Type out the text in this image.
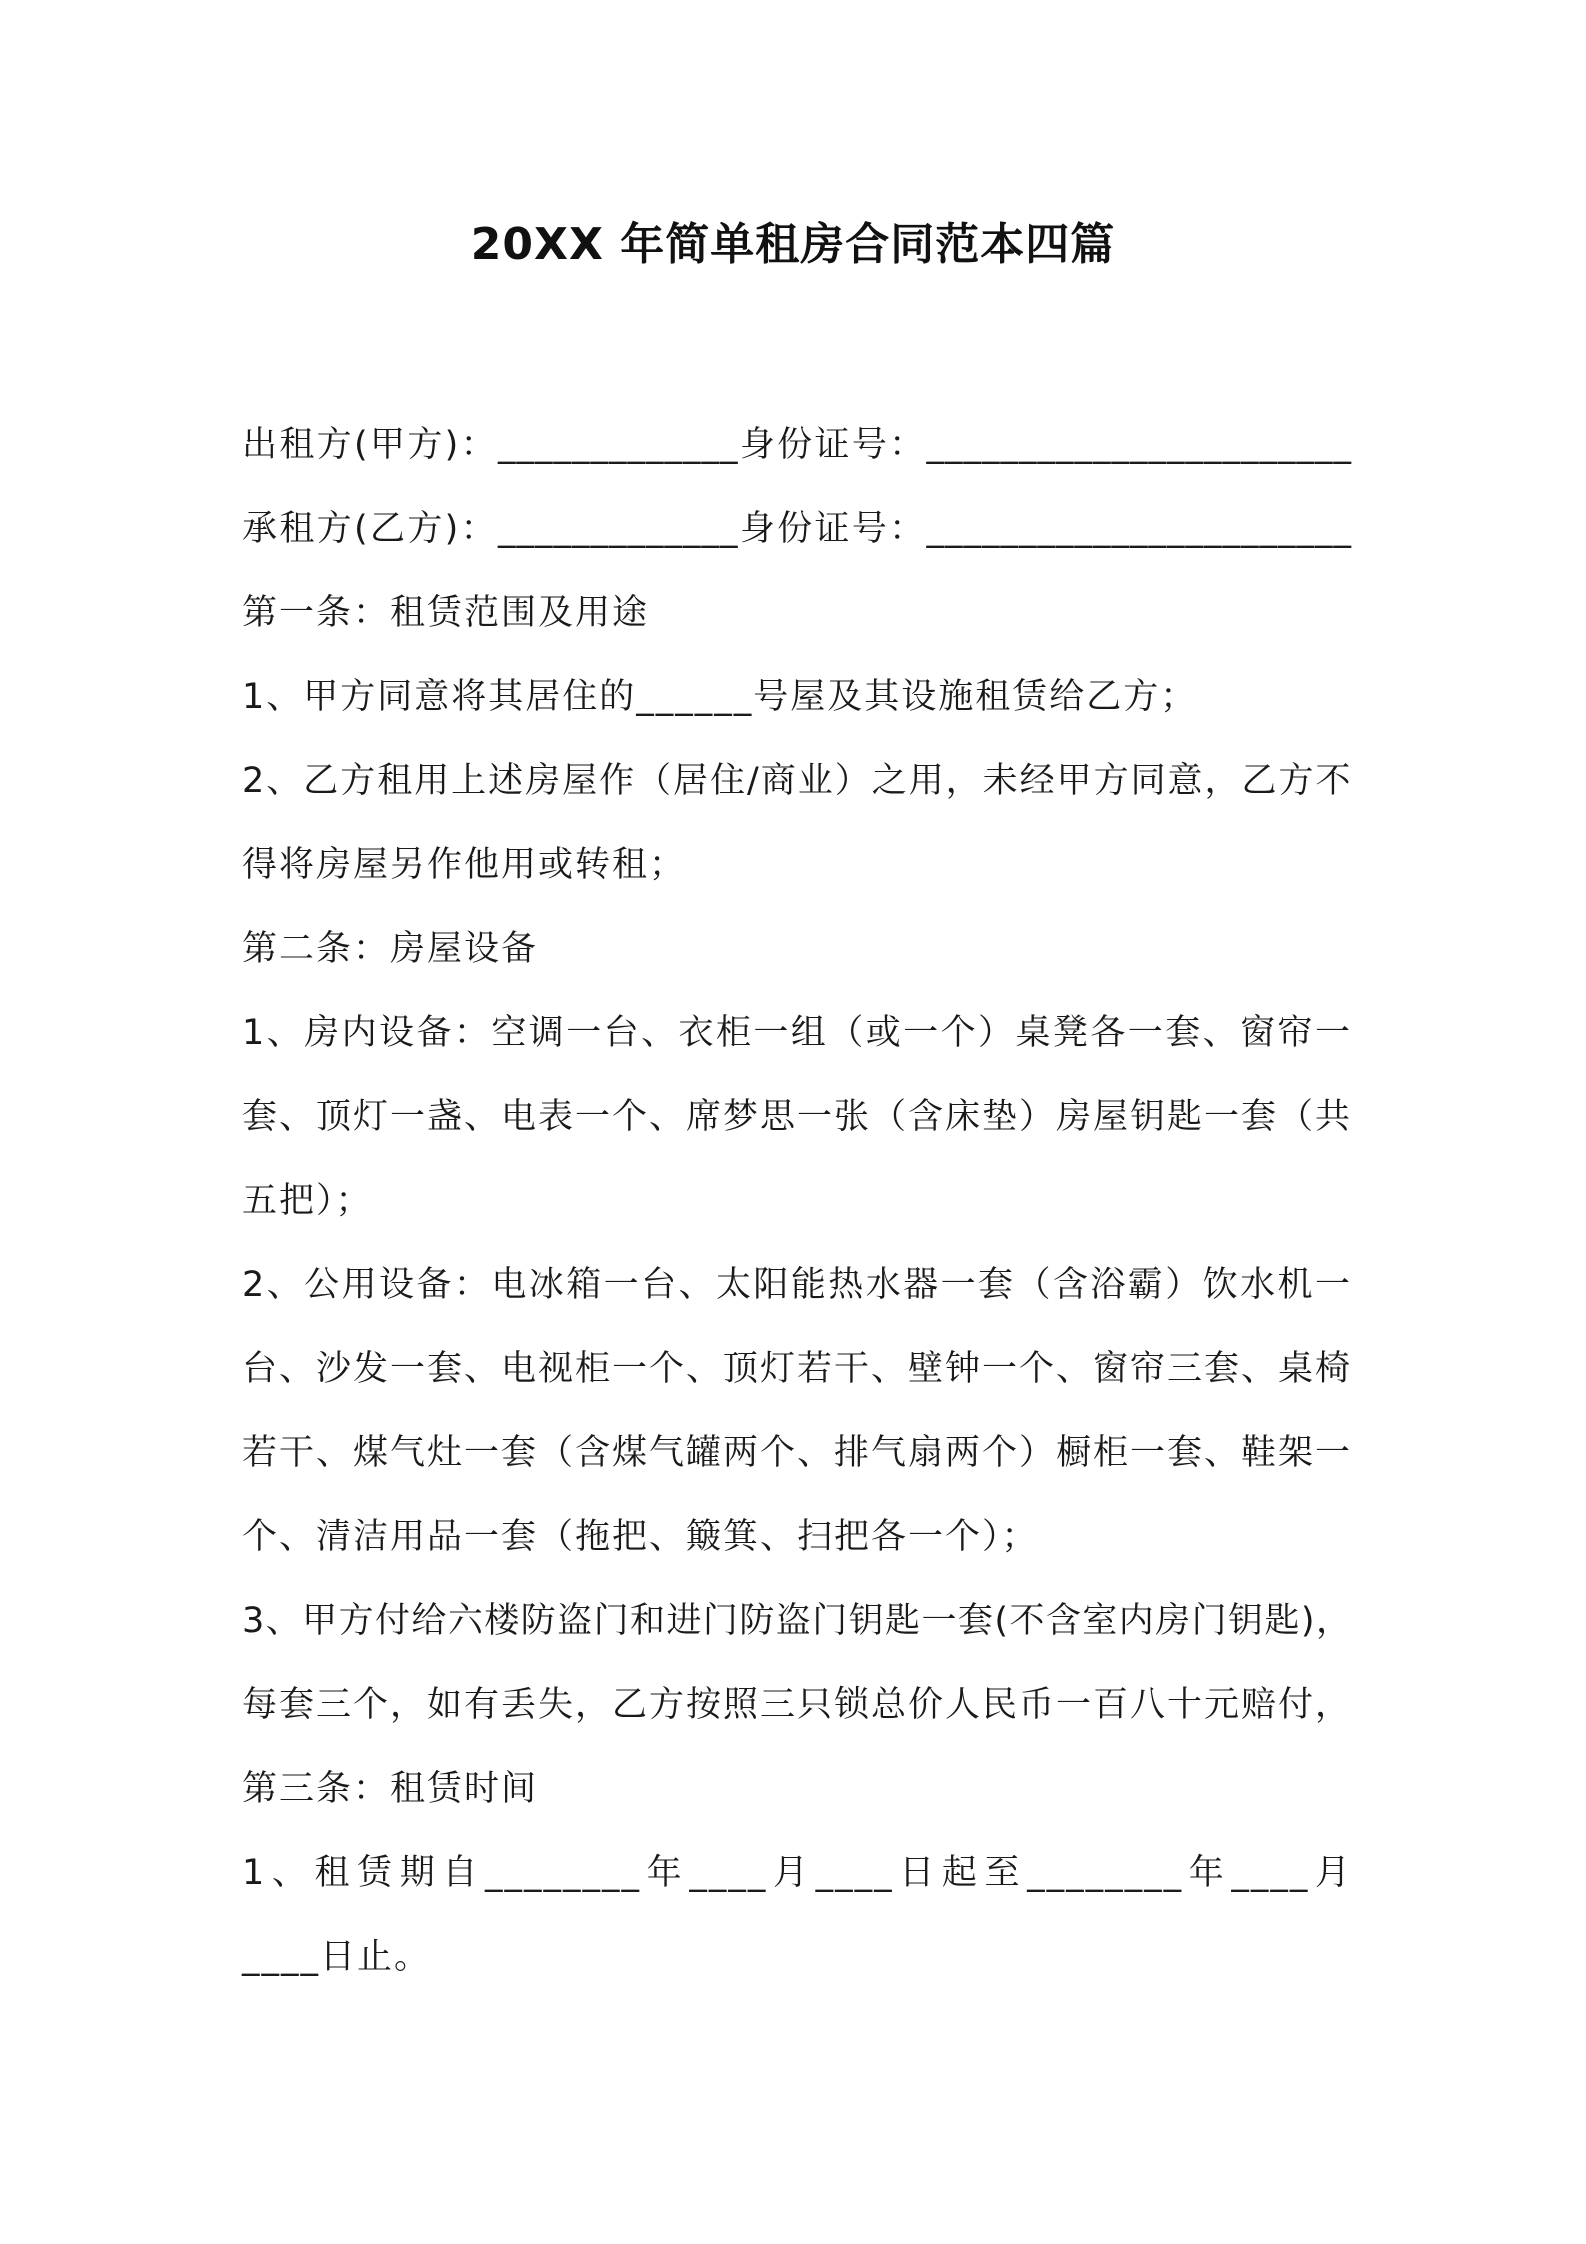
20XX 年简单租房合同范本四篇
出租方(甲方)：_____________身份证号：_______________________
承租方(乙方)：_____________身份证号：_______________________
第一条：租赁范围及用途
1、甲方同意将其居住的______号屋及其设施租赁给乙方；
2、乙方租用上述房屋作（居住/商业）之用，未经甲方同意，乙方不
得将房屋另作他用或转租；
第二条：房屋设备
1、房内设备：空调一台、衣柜一组（或一个）桌凳各一套、窗帘一
套、顶灯一盏、电表一个、席梦思一张（含床垫）房屋钥匙一套（共
五把）；
2、公用设备：电冰箱一台、太阳能热水器一套（含浴霸）饮水机一
台、沙发一套、电视柜一个、顶灯若干、壁钟一个、窗帘三套、桌椅
若干、煤气灶一套（含煤气罐两个、排气扇两个）橱柜一套、鞋架一
个、清洁用品一套（拖把、簸箕、扫把各一个）；
3、甲方付给六楼防盗门和进门防盗门钥匙一套(不含室内房门钥匙)，
每套三个，如有丢失，乙方按照三只锁总价人民币一百八十元赔付，
第三条：租赁时间
1、租赁期自________年____月____日起至________年____月
____日止。
